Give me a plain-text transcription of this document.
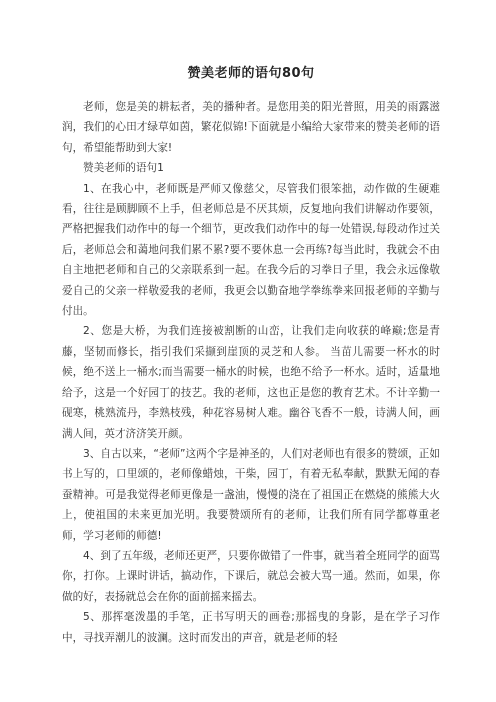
赞美老师的语句80句

老师，您是美的耕耘者，美的播种者。是您用美的阳光普照，用美的雨露滋润，我们的心田才绿草如茵，繁花似锦!下面就是小编给大家带来的赞美老师的语句，希望能帮助到大家!

赞美老师的语句1

1、在我心中，老师既是严师又像慈父，尽管我们很笨拙，动作做的生硬难看，往往是顾脚顾不上手，但老师总是不厌其烦，反复地向我们讲解动作要领，严格把握我们动作中的每一个细节，更改我们动作中的每一处错误,每段动作过关后，老师总会和蔼地问我们累不累?要不要休息一会再练?每当此时，我就会不由自主地把老师和自己的父亲联系到一起。在我今后的习拳日子里，我会永远像敬爱自己的父亲一样敬爱我的老师，我更会以勤奋地学拳练拳来回报老师的辛勤与付出。

2、您是大桥，为我们连接被割断的山峦，让我们走向收获的峰巅;您是青藤，坚韧而修长，指引我们采撷到崖顶的灵芝和人参。 当苗儿需要一杯水的时候，绝不送上一桶水;而当需要一桶水的时候，也绝不给予一杯水。适时，适量地给予，这是一个好园丁的技艺。我的老师，这也正是您的教育艺术。不计辛勤一砚寒，桃熟流丹，李熟枝残，种花容易树人难。幽谷飞香不一般，诗满人间，画满人间，英才济济笑开颜。

3、自古以来，“老师”这两个字是神圣的，人们对老师也有很多的赞颂，正如书上写的，口里颂的，老师像蜡烛，干柴，园丁，有着无私奉献，默默无闻的春蚕精神。可是我觉得老师更像是一盏油，慢慢的浇在了祖国正在燃烧的熊熊大火上，使祖国的未来更加光明。我要赞颂所有的老师，让我们所有同学都尊重老师，学习老师的师德!

4、到了五年级，老师还更严，只要你做错了一件事，就当着全班同学的面骂你，打你。上课时讲话，搞动作，下课后，就总会被大骂一通。然而，如果，你做的好，表扬就总会在你的面前摇来摇去。

5、那挥毫泼墨的手笔，正书写明天的画卷;那摇曳的身影，是在学子习作中，寻找弄潮儿的波澜。这时而发出的声音，就是老师的轻
